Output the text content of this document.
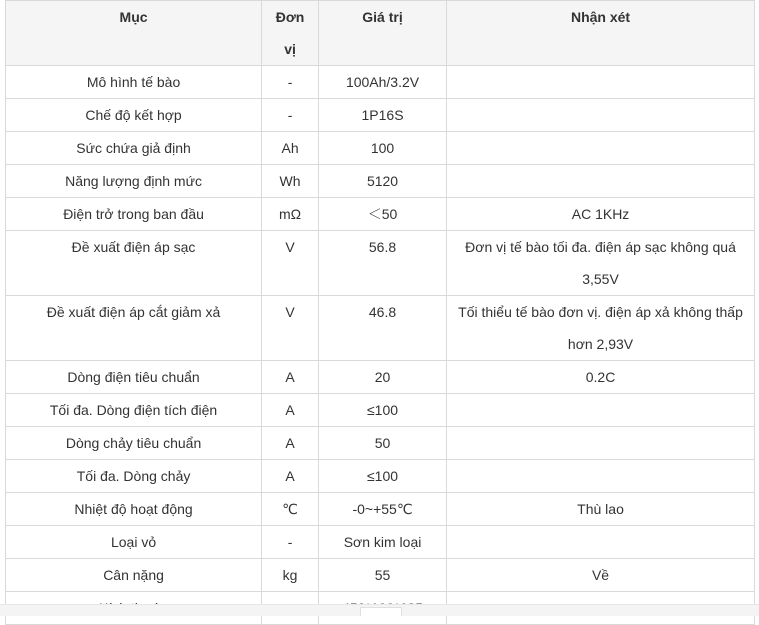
Mục	Đơn vị	Giá trị	Nhận xét
Mô hình tế bào	-	100Ah/3.2V	
Chế độ kết hợp	-	1P16S	
Sức chứa giả định	Ah	100	
Năng lượng định mức	Wh	5120	
Điện trở trong ban đầu	mΩ	＜50	AC 1KHz
Đề xuất điện áp sạc	V	56.8	Đơn vị tế bào tối đa. điện áp sạc không quá 3,55V
Đề xuất điện áp cắt giảm xả	V	46.8	Tối thiểu tế bào đơn vị. điện áp xả không thấp hơn 2,93V
Dòng điện tiêu chuẩn	A	20	0.2C
Tối đa. Dòng điện tích điện	A	≤100	
Dòng chảy tiêu chuẩn	A	50	
Tối đa. Dòng chảy	A	≤100	
Nhiệt độ hoạt động	℃	-0~+55℃	Thù lao
Loại vỏ	-	Sơn kim loại	
Cân nặng	kg	55	Về
